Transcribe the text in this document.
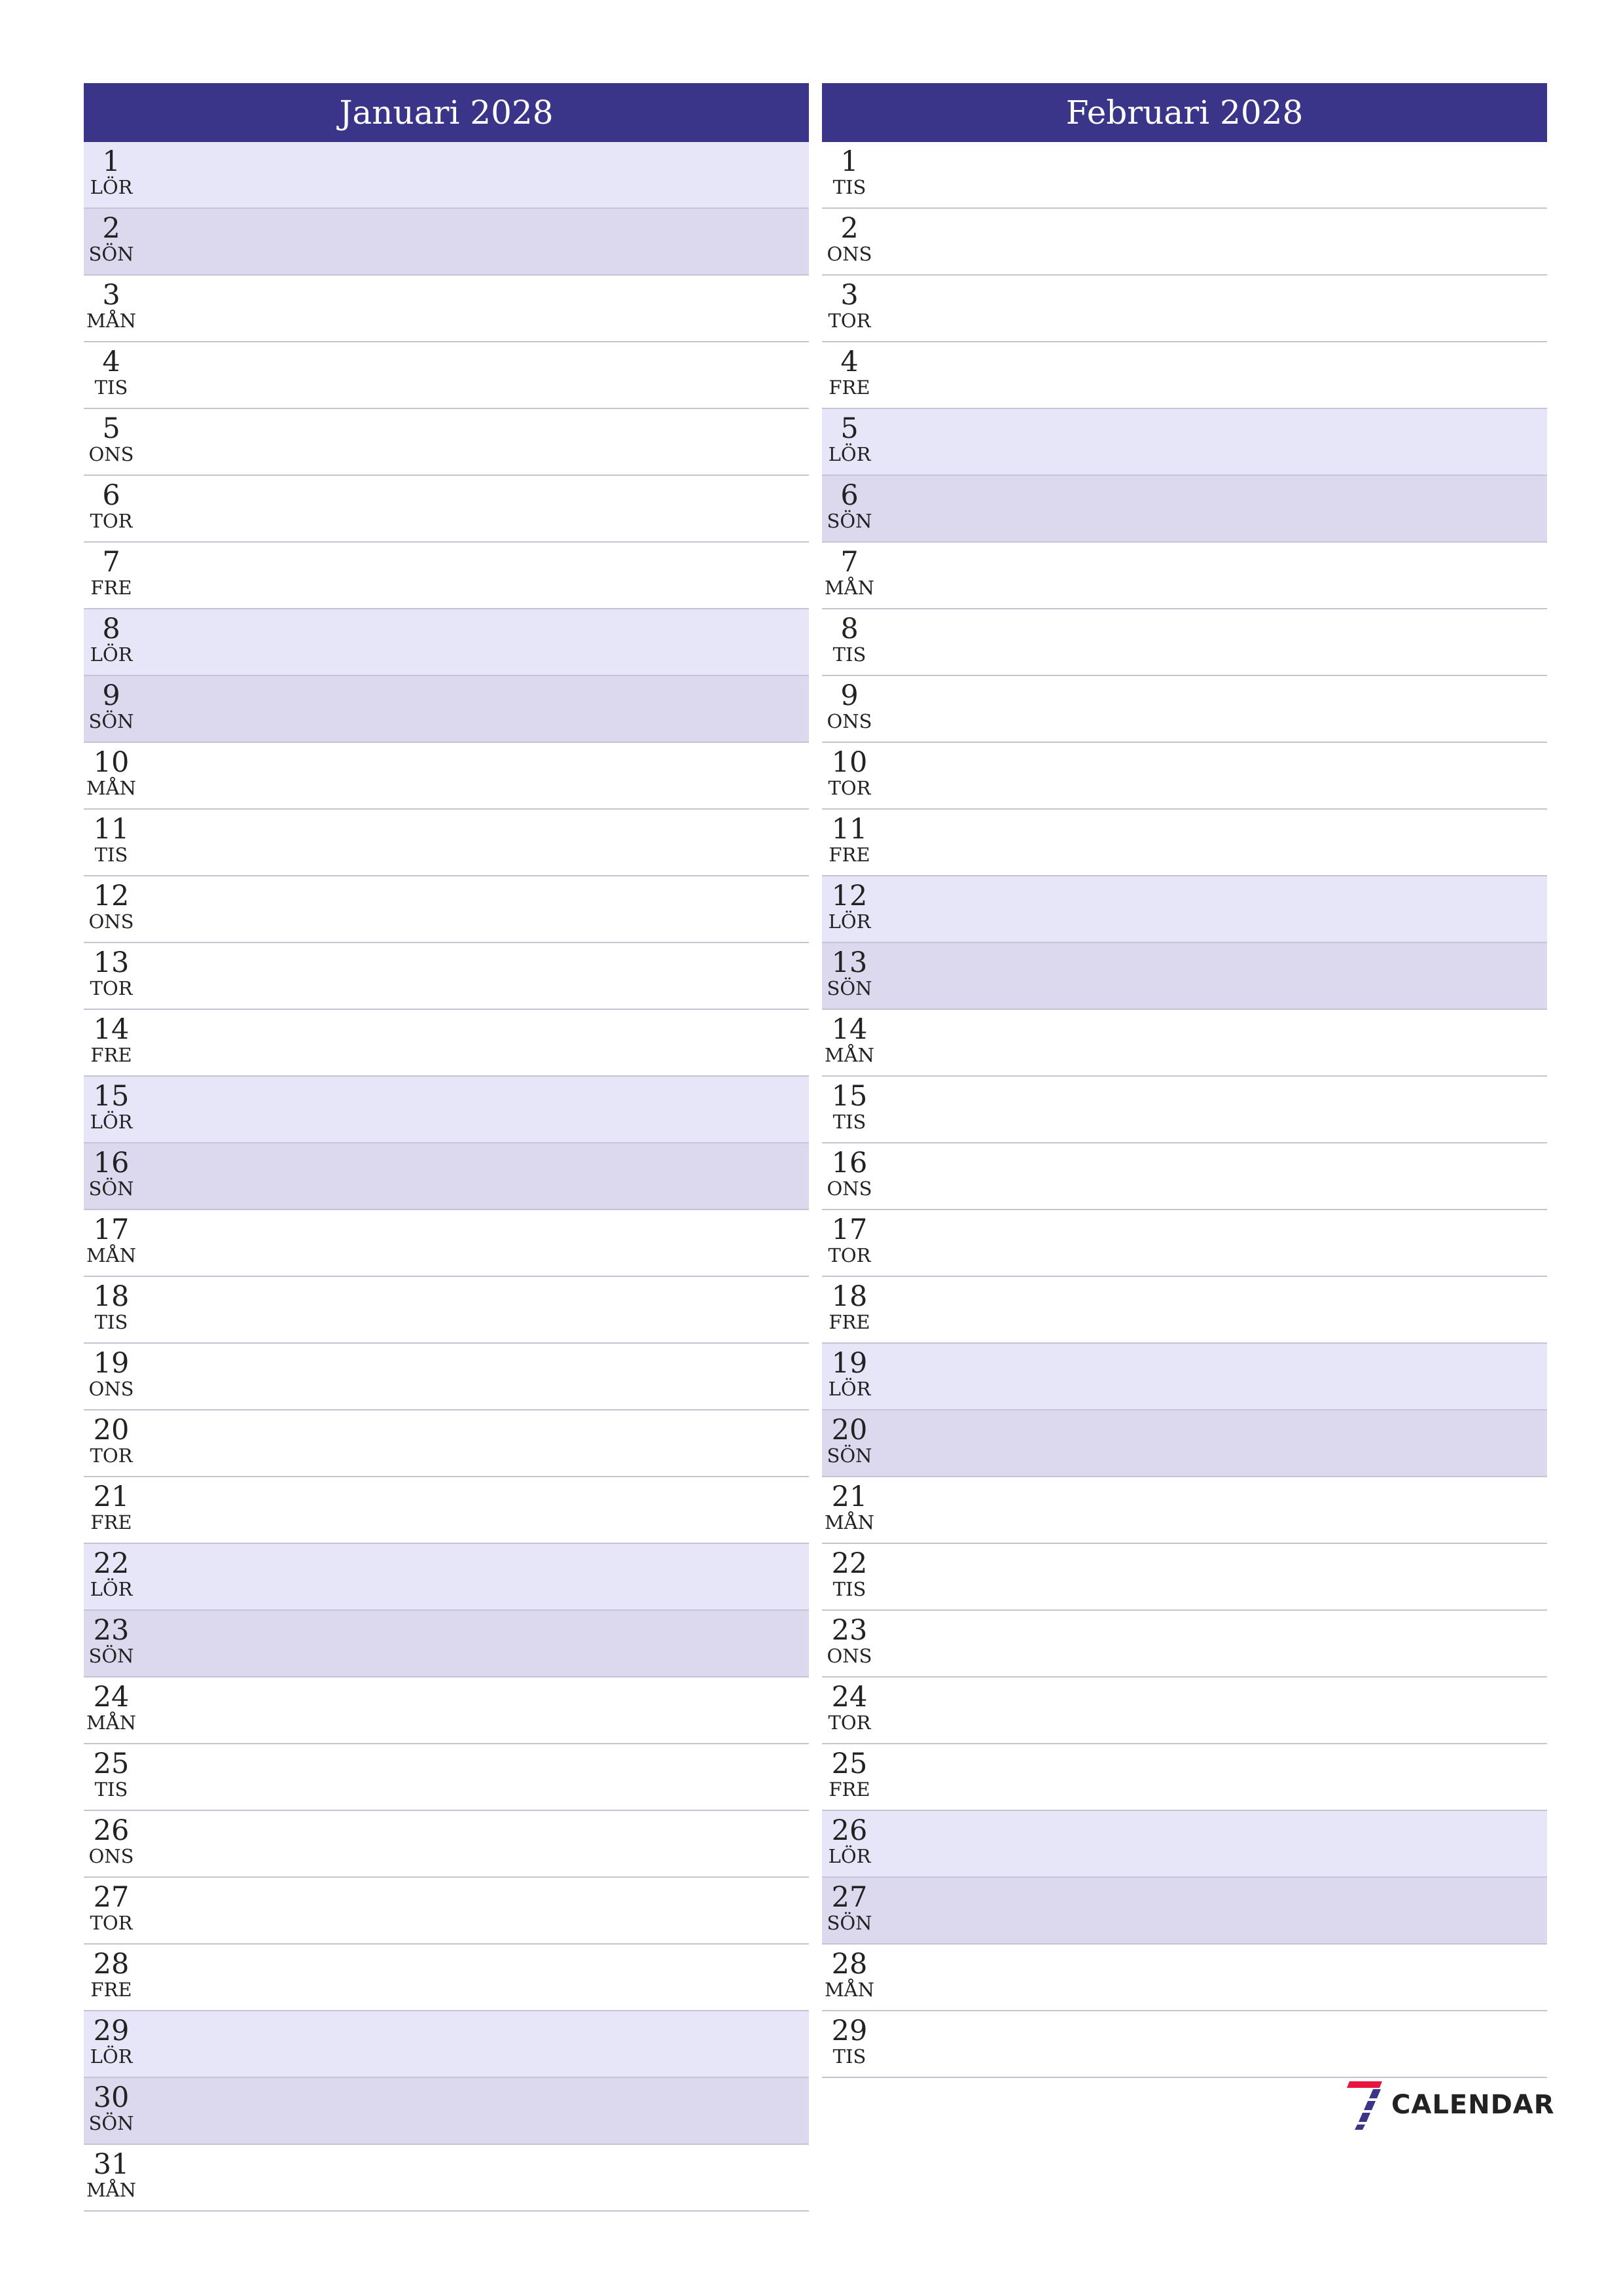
Januari 2028
1
LÖR
2
SÖN
3
MÅN
4
TIS
5
ONS
6
TOR
7
FRE
8
LÖR
9
SÖN
10
MÅN
11
TIS
12
ONS
13
TOR
14
FRE
15
LÖR
16
SÖN
17
MÅN
18
TIS
19
ONS
20
TOR
21
FRE
22
LÖR
23
SÖN
24
MÅN
25
TIS
26
ONS
27
TOR
28
FRE
29
LÖR
30
SÖN
31
MÅN
Februari 2028
1
TIS
2
ONS
3
TOR
4
FRE
5
LÖR
6
SÖN
7
MÅN
8
TIS
9
ONS
10
TOR
11
FRE
12
LÖR
13
SÖN
14
MÅN
15
TIS
16
ONS
17
TOR
18
FRE
19
LÖR
20
SÖN
21
MÅN
22
TIS
23
ONS
24
TOR
25
FRE
26
LÖR
27
SÖN
28
MÅN
29
TIS
CALENDAR
